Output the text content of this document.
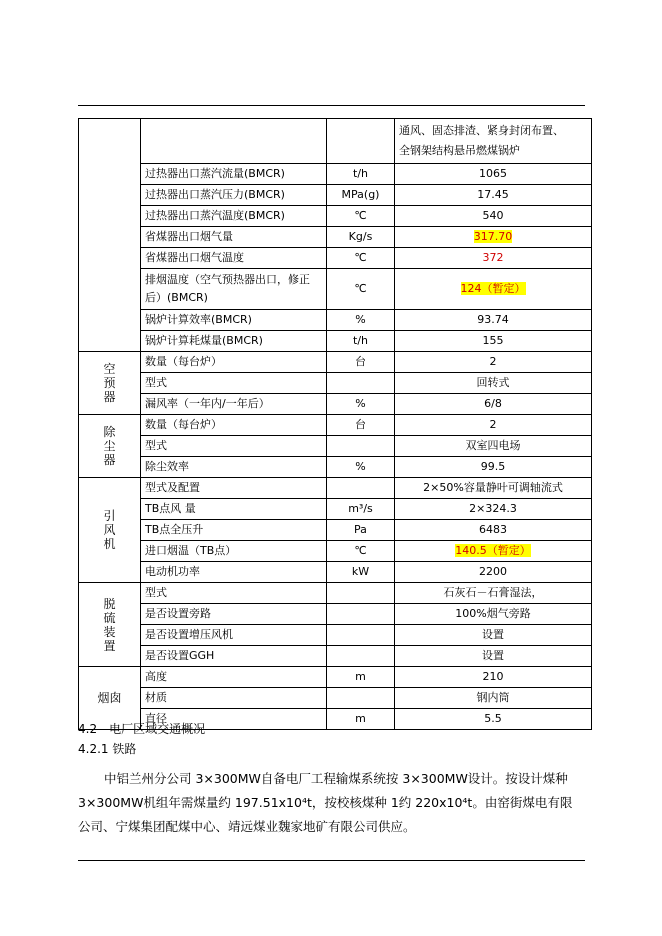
			通风、固态排渣、紧身封闭布置、
全钢架结构悬吊燃煤锅炉

	过热器出口蒸汽流量(BMCR)	t/h	1065
	过热器出口蒸汽压力(BMCR)	MPa(g)	17.45
	过热器出口蒸汽温度(BMCR)	℃	540
	省煤器出口烟气量	Kg/s	317.70
	省煤器出口烟气温度	℃	372
	排烟温度（空气预热器出口，修正后）(BMCR)	℃	124（暂定）
	锅炉计算效率(BMCR)	%	93.74
	锅炉计算耗煤量(BMCR)	t/h	155

空
预
器	数量（每台炉）	台	2
	型式		回转式
	漏风率（一年内/一年后）	%	6/8

除
尘
器	数量（每台炉）	台	2
	型式		双室四电场
	除尘效率	%	99.5

引
风
机	型式及配置		2×50%容量静叶可调轴流式
	TB点风 量	m³/s	2×324.3
	TB点全压升	Pa	6483
	进口烟温（TB点）	℃	140.5（暂定）
	电动机功率	kW	2200

脱
硫
装
置	型式		石灰石－石膏湿法，
	是否设置旁路		100%烟气旁路
	是否设置增压风机		设置
	是否设置GGH		设置

烟囱	高度	m	210
	材质		钢内筒
	直径	m	5.5
4.2　电厂区域交通概况
4.2.1 铁路
中铝兰州分公司 3×300MW自备电厂工程输煤系统按 3×300MW设计。按设计煤种
3×300MW机组年需煤量约 197.51x10⁴t，按校核煤种 1约 220x10⁴t。由窑街煤电有限
公司、宁煤集团配煤中心、靖远煤业魏家地矿有限公司供应。
